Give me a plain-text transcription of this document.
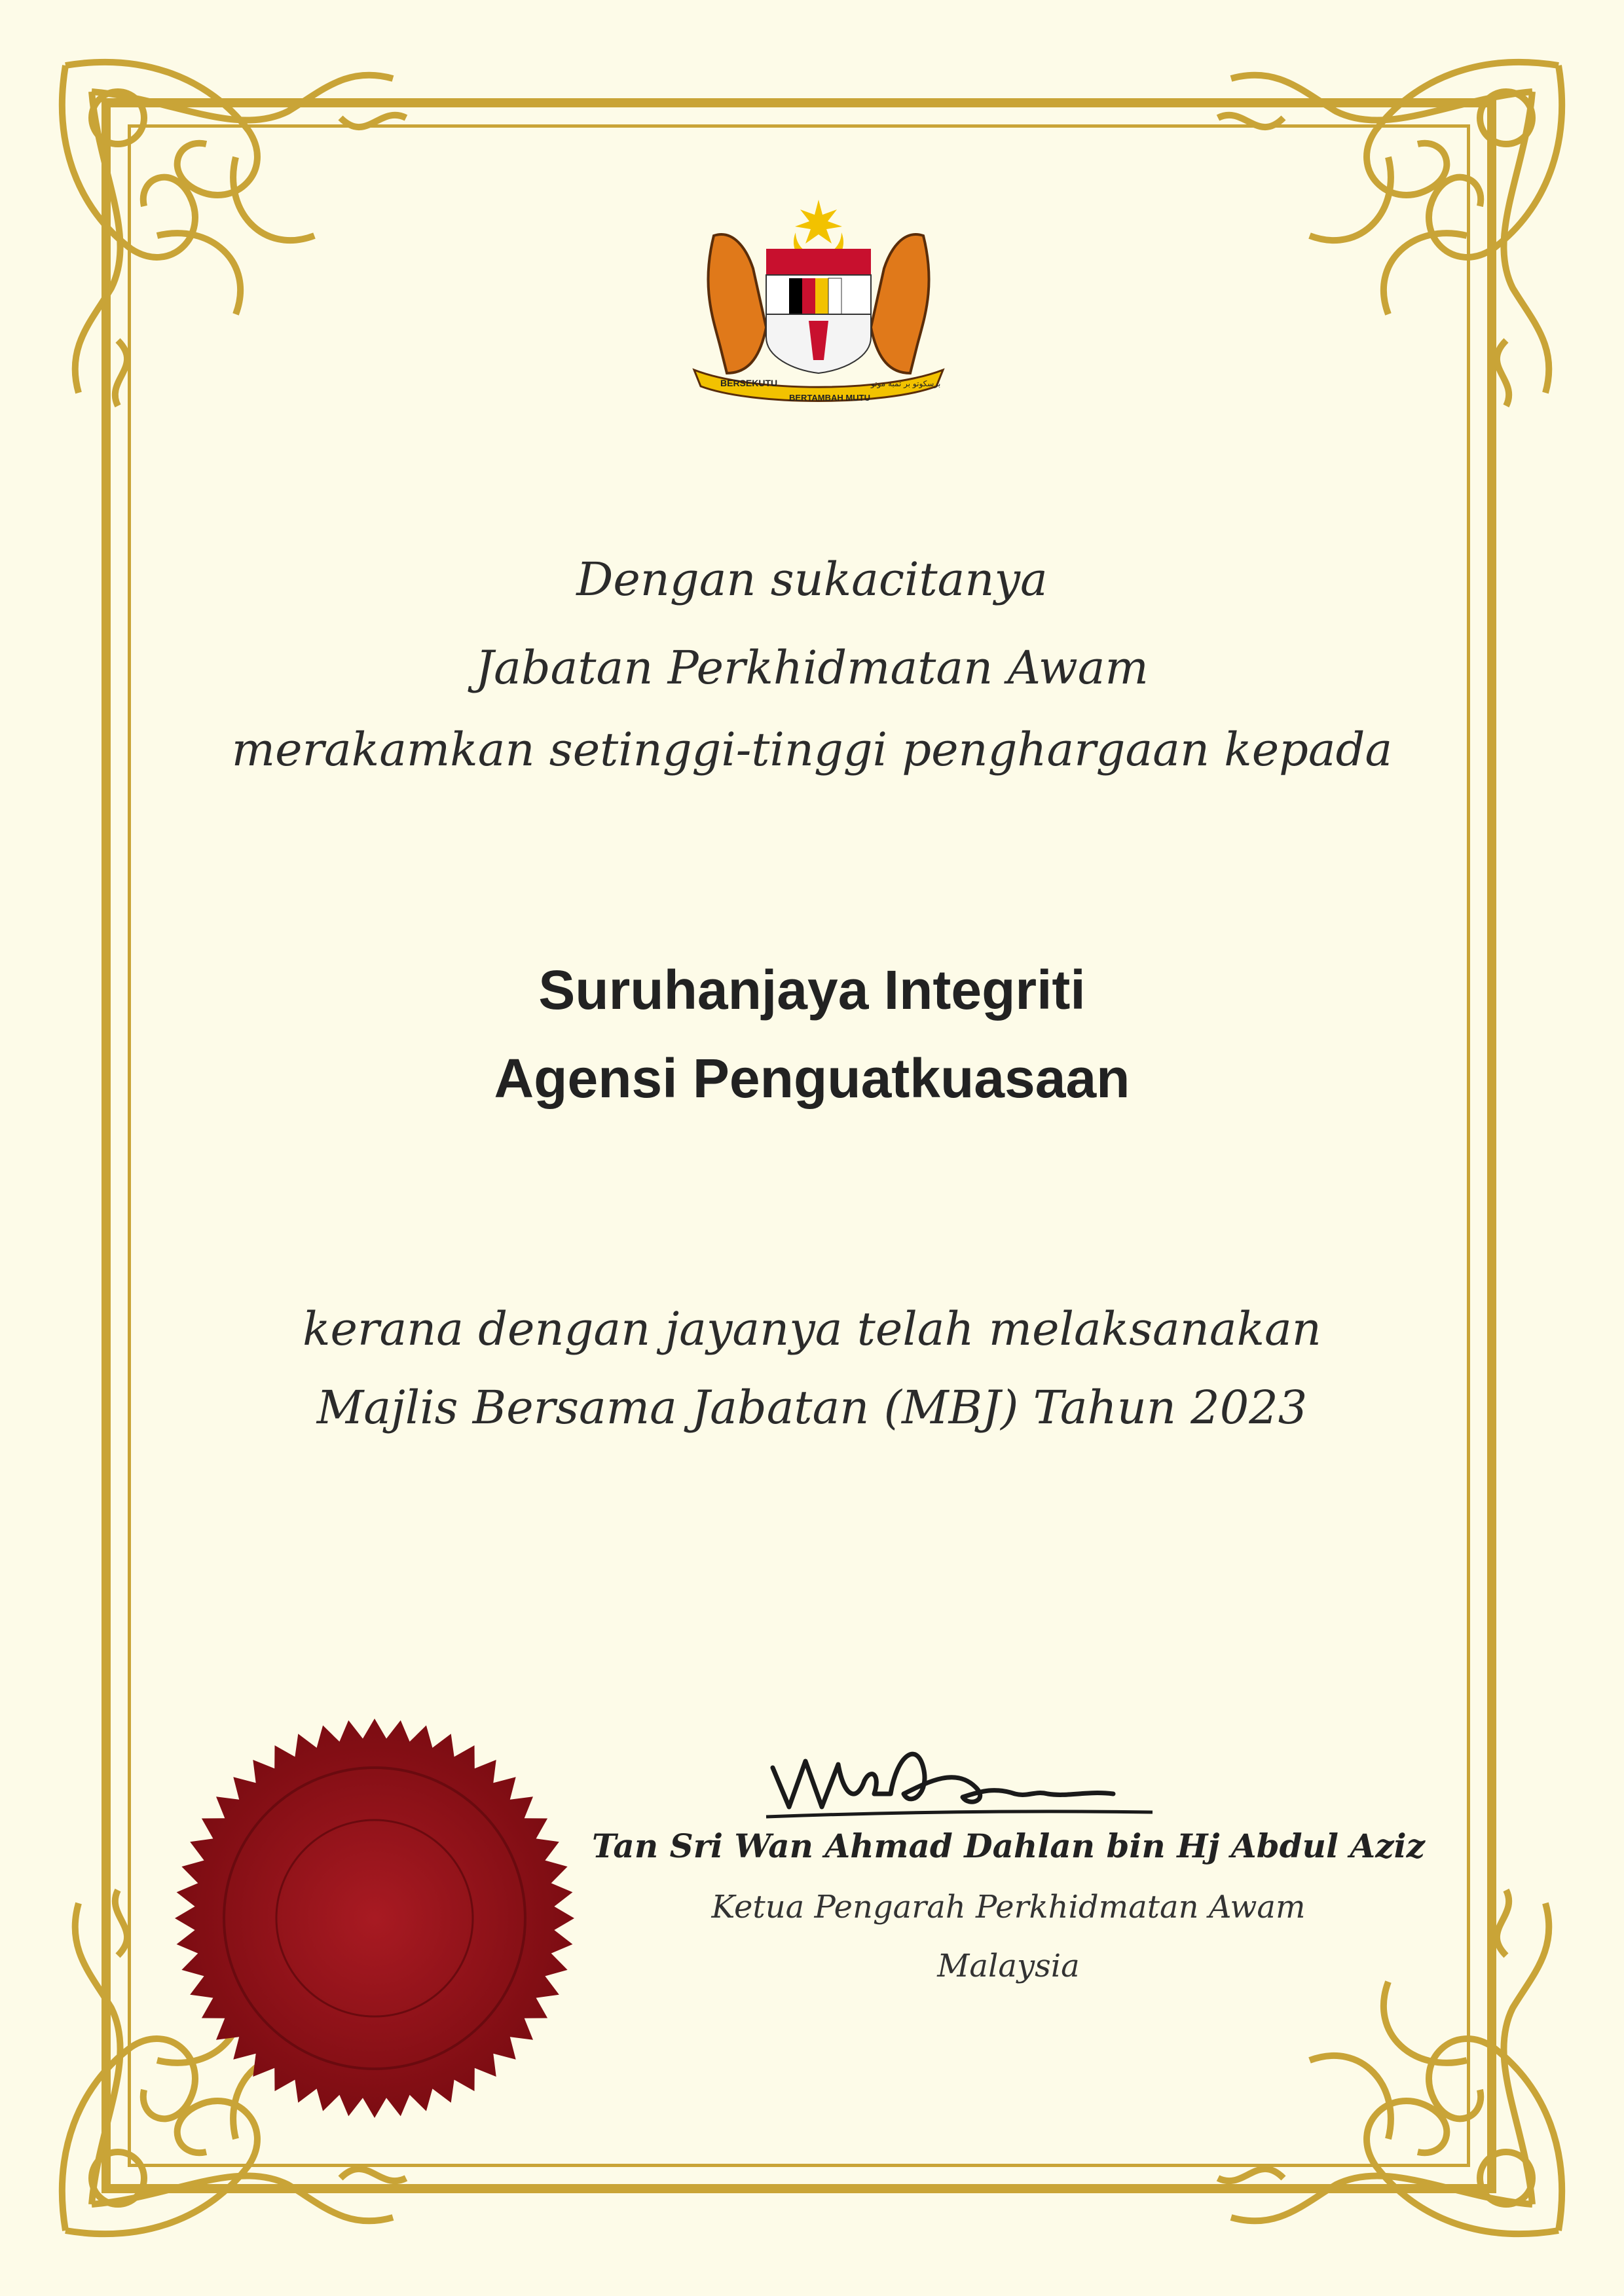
BERSEKUTU
BERTAMBAH MUTU
برسكوتو بر تمبه موتو
Dengan sukacitanya
Jabatan Perkhidmatan Awam
merakamkan setinggi-tinggi penghargaan kepada
Suruhanjaya Integriti
Agensi Penguatkuasaan
kerana dengan jayanya telah melaksanakan
Majlis Bersama Jabatan (MBJ) Tahun 2023
Tan Sri Wan Ahmad Dahlan bin Hj Abdul Aziz
Ketua Pengarah Perkhidmatan Awam
Malaysia
